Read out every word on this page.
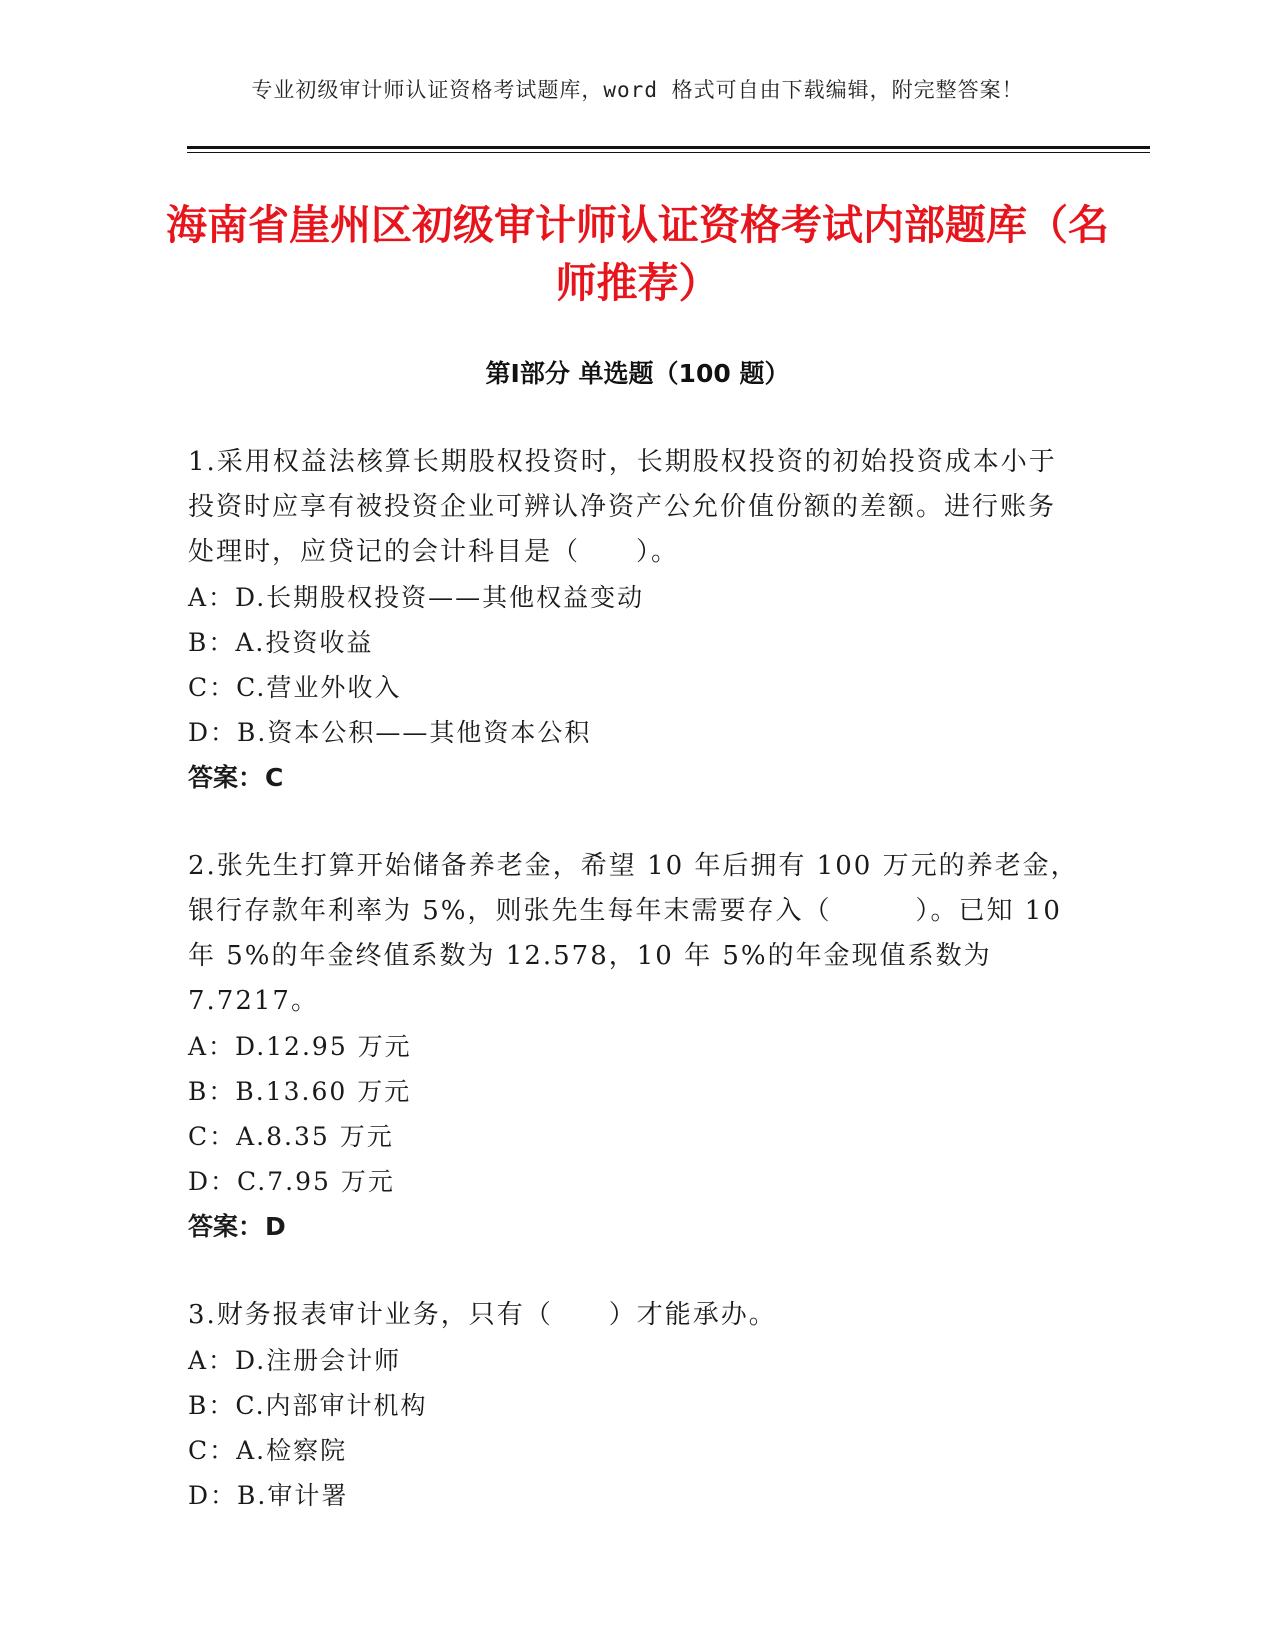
专业初级审计师认证资格考试题库，word 格式可自由下载编辑，附完整答案！
海南省崖州区初级审计师认证资格考试内部题库（名师推荐）
第Ⅰ部分 单选题（100 题）

1.采用权益法核算长期股权投资时，长期股权投资的初始投资成本小于投资时应享有被投资企业可辨认净资产公允价值份额的差额。进行账务处理时，应贷记的会计科目是（　　）。

A：D.长期股权投资——其他权益变动
B：A.投资收益
C：C.营业外收入
D：B.资本公积——其他资本公积
答案：C

2.张先生打算开始储备养老金，希望 10 年后拥有 100 万元的养老金，银行存款年利率为 5%，则张先生每年末需要存入（　　　）。已知 10 年 5%的年金终值系数为 12.578，10 年 5%的年金现值系数为 7.7217。

A：D.12.95 万元
B：B.13.60 万元
C：A.8.35 万元
D：C.7.95 万元
答案：D

3.财务报表审计业务，只有（　　）才能承办。

A：D.注册会计师
B：C.内部审计机构
C：A.检察院
D：B.审计署
